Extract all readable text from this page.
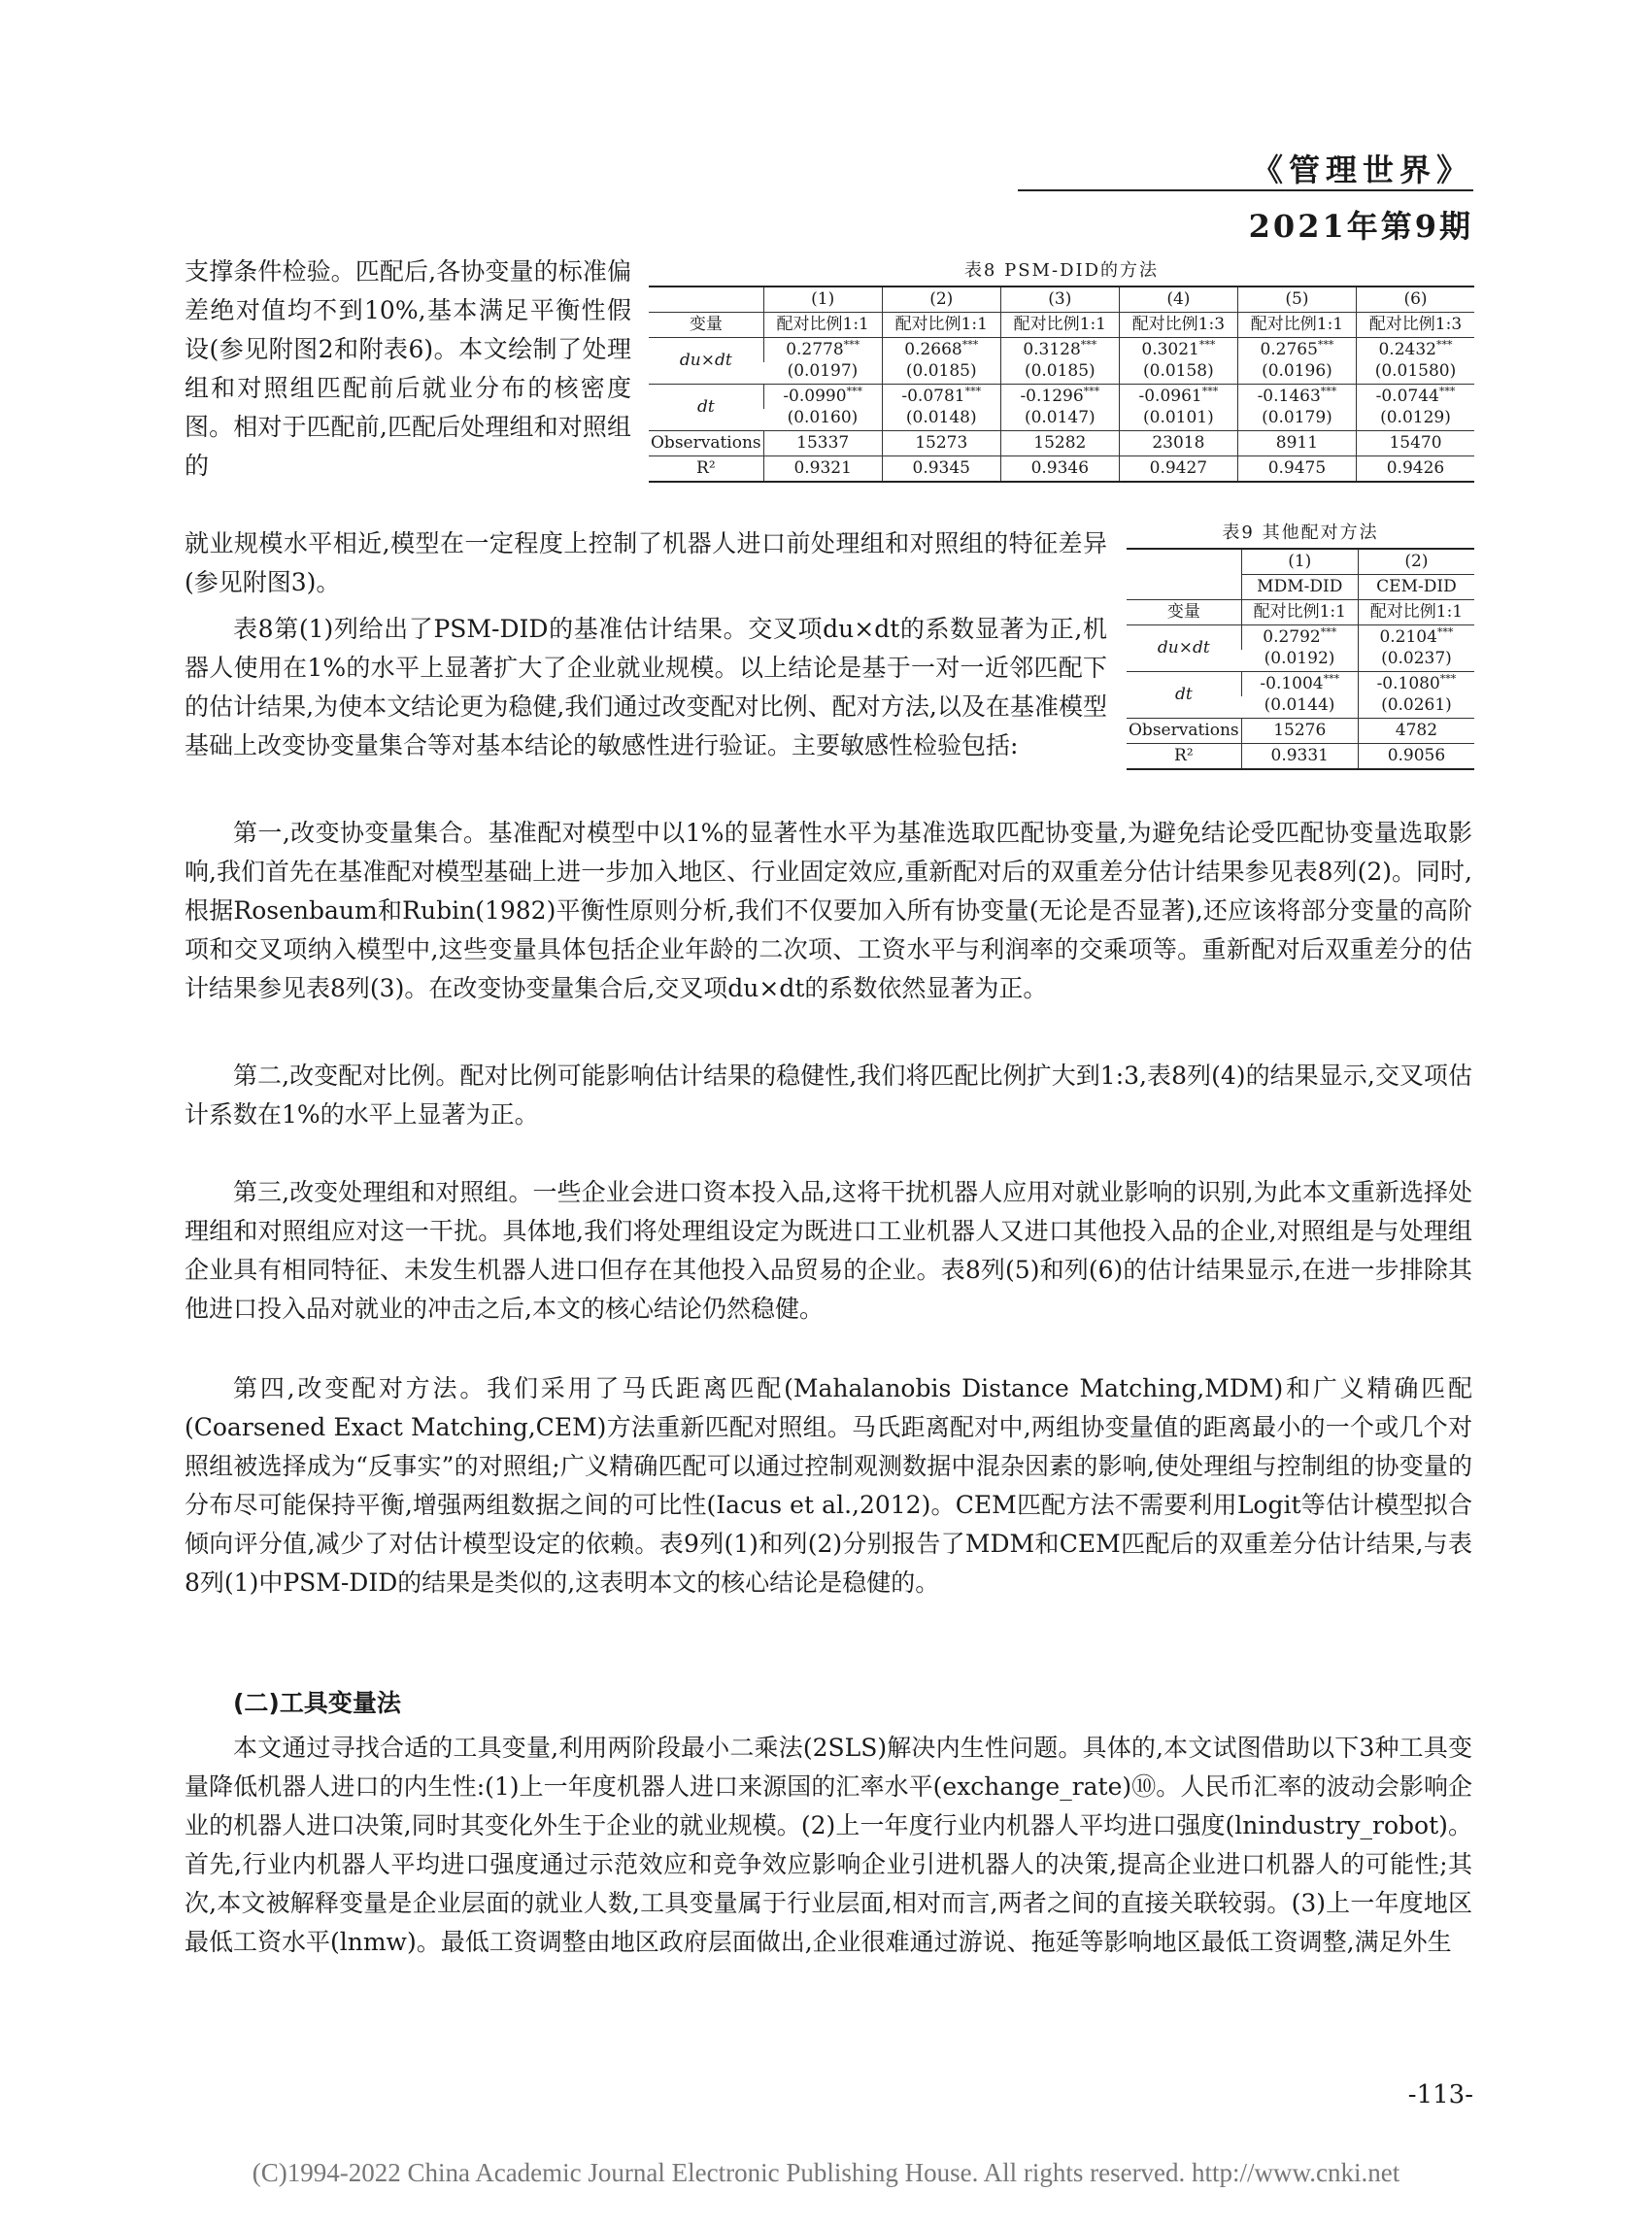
《管理世界》
2021年第9期

支撑条件检验。匹配后,各协变量的标准偏差绝对值均不到10%,基本满足平衡性假设(参见附图2和附表6)。本文绘制了处理组和对照组匹配前后就业分布的核密度图。相对于匹配前,匹配后处理组和对照组的

表8 PSM-DID的方法
	(1)	(2)	(3)	(4)	(5)	(6)
变量	配对比例1:1	配对比例1:1	配对比例1:1	配对比例1:3	配对比例1:1	配对比例1:3
du×dt	0.2778***	0.2668***	0.3128***	0.3021***	0.2765***	0.2432***
	(0.0197)	(0.0185)	(0.0185)	(0.0158)	(0.0196)	(0.01580)
dt	-0.0990***	-0.0781***	-0.1296***	-0.0961***	-0.1463***	-0.0744***
	(0.0160)	(0.0148)	(0.0147)	(0.0101)	(0.0179)	(0.0129)
Observations	15337	15273	15282	23018	8911	15470
R²	0.9321	0.9345	0.9346	0.9427	0.9475	0.9426

就业规模水平相近,模型在一定程度上控制了机器人进口前处理组和对照组的特征差异(参见附图3)。

表9 其他配对方法
	(1)	(2)
	MDM-DID	CEM-DID
变量	配对比例1:1	配对比例1:1
du×dt	0.2792***	0.2104***
	(0.0192)	(0.0237)
dt	-0.1004***	-0.1080***
	(0.0144)	(0.0261)
Observations	15276	4782
R²	0.9331	0.9056

表8第(1)列给出了PSM-DID的基准估计结果。交叉项du×dt的系数显著为正,机器人使用在1%的水平上显著扩大了企业就业规模。以上结论是基于一对一近邻匹配下的估计结果,为使本文结论更为稳健,我们通过改变配对比例、配对方法,以及在基准模型基础上改变协变量集合等对基本结论的敏感性进行验证。主要敏感性检验包括:

第一,改变协变量集合。基准配对模型中以1%的显著性水平为基准选取匹配协变量,为避免结论受匹配协变量选取影响,我们首先在基准配对模型基础上进一步加入地区、行业固定效应,重新配对后的双重差分估计结果参见表8列(2)。同时,根据Rosenbaum和Rubin(1982)平衡性原则分析,我们不仅要加入所有协变量(无论是否显著),还应该将部分变量的高阶项和交叉项纳入模型中,这些变量具体包括企业年龄的二次项、工资水平与利润率的交乘项等。重新配对后双重差分的估计结果参见表8列(3)。在改变协变量集合后,交叉项du×dt的系数依然显著为正。

第二,改变配对比例。配对比例可能影响估计结果的稳健性,我们将匹配比例扩大到1:3,表8列(4)的结果显示,交叉项估计系数在1%的水平上显著为正。

第三,改变处理组和对照组。一些企业会进口资本投入品,这将干扰机器人应用对就业影响的识别,为此本文重新选择处理组和对照组应对这一干扰。具体地,我们将处理组设定为既进口工业机器人又进口其他投入品的企业,对照组是与处理组企业具有相同特征、未发生机器人进口但存在其他投入品贸易的企业。表8列(5)和列(6)的估计结果显示,在进一步排除其他进口投入品对就业的冲击之后,本文的核心结论仍然稳健。

第四,改变配对方法。我们采用了马氏距离匹配(Mahalanobis Distance Matching,MDM)和广义精确匹配(Coarsened Exact Matching,CEM)方法重新匹配对照组。马氏距离配对中,两组协变量值的距离最小的一个或几个对照组被选择成为“反事实”的对照组;广义精确匹配可以通过控制观测数据中混杂因素的影响,使处理组与控制组的协变量的分布尽可能保持平衡,增强两组数据之间的可比性(Iacus et al.,2012)。CEM匹配方法不需要利用Logit等估计模型拟合倾向评分值,减少了对估计模型设定的依赖。表9列(1)和列(2)分别报告了MDM和CEM匹配后的双重差分估计结果,与表8列(1)中PSM-DID的结果是类似的,这表明本文的核心结论是稳健的。

(二)工具变量法

本文通过寻找合适的工具变量,利用两阶段最小二乘法(2SLS)解决内生性问题。具体的,本文试图借助以下3种工具变量降低机器人进口的内生性:(1)上一年度机器人进口来源国的汇率水平(exchange_rate)⑩。人民币汇率的波动会影响企业的机器人进口决策,同时其变化外生于企业的就业规模。(2)上一年度行业内机器人平均进口强度(lnindustry_robot)。首先,行业内机器人平均进口强度通过示范效应和竞争效应影响企业引进机器人的决策,提高企业进口机器人的可能性;其次,本文被解释变量是企业层面的就业人数,工具变量属于行业层面,相对而言,两者之间的直接关联较弱。(3)上一年度地区最低工资水平(lnmw)。最低工资调整由地区政府层面做出,企业很难通过游说、拖延等影响地区最低工资调整,满足外生

-113-
(C)1994-2022 China Academic Journal Electronic Publishing House. All rights reserved. http://www.cnki.net
